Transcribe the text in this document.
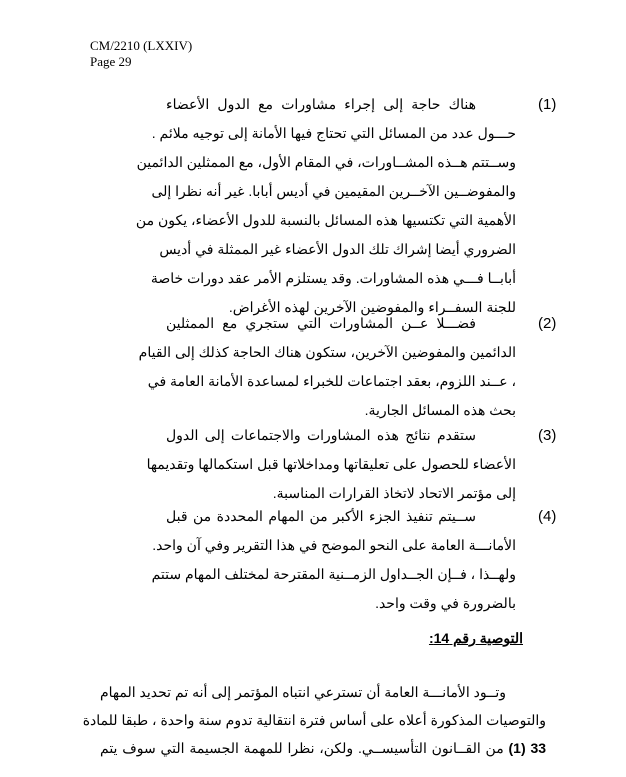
CM/2210 (LXXIV)
Page 29
(1)
هناك حاجة إلى إجراء مشاورات مع الدول الأعضاء
حـــول عدد من المسائل التي تحتاج فيها الأمانة إلى توجيه ملائم .
وســتتم هــذه المشــاورات، في المقام الأول، مع الممثلين الدائمين
والمفوضــين الآخــرين المقيمين في أديس أبابا. غير أنه نظرا إلى
الأهمية التي تكتسيها هذه المسائل بالنسبة للدول الأعضاء، يكون من
الضروري أيضا إشراك تلك الدول الأعضاء غير الممثلة في أديس
أبابــا فـــي هذه المشاورات. وقد يستلزم الأمر عقد دورات خاصة
للجنة السفــراء والمفوضين الآخرين لهذه الأغراض.
(2)
فضـــلا عــن المشاورات التي ستجري مع الممثلين
الدائمين والمفوضين الآخرين، ستكون هناك الحاجة كذلك إلى القيام
، عــند اللزوم، بعقد اجتماعات للخبراء لمساعدة الأمانة العامة في
بحث هذه المسائل الجارية.
(3)
ستقدم نتائج هذه المشاورات والاجتماعات إلى الدول
الأعضاء للحصول على تعليقاتها ومداخلاتها قبل استكمالها وتقديمها
إلى مؤتمر الاتحاد لاتخاذ القرارات المناسبة.
(4)
ســيتم تنفيذ الجزء الأكبر من المهام المحددة من قبل
الأمانـــة العامة على النحو الموضح في هذا التقرير وفي آن واحد.
ولهــذا ، فــإن الجــداول الزمــنية المقترحة لمختلف المهام ستتم
بالضرورة في وقت واحد.
التوصية رقم 14:
وتــود الأمانـــة العامة أن تسترعي انتباه المؤتمر إلى أنه تم تحديد المهام
والتوصيات المذكورة أعلاه على أساس فترة انتقالية تدوم سنة واحدة ، طبقا للمادة
33 (1) من القــانون التأسيســي. ولكن، نظرا للمهمة الجسيمة التي سوف يتم
